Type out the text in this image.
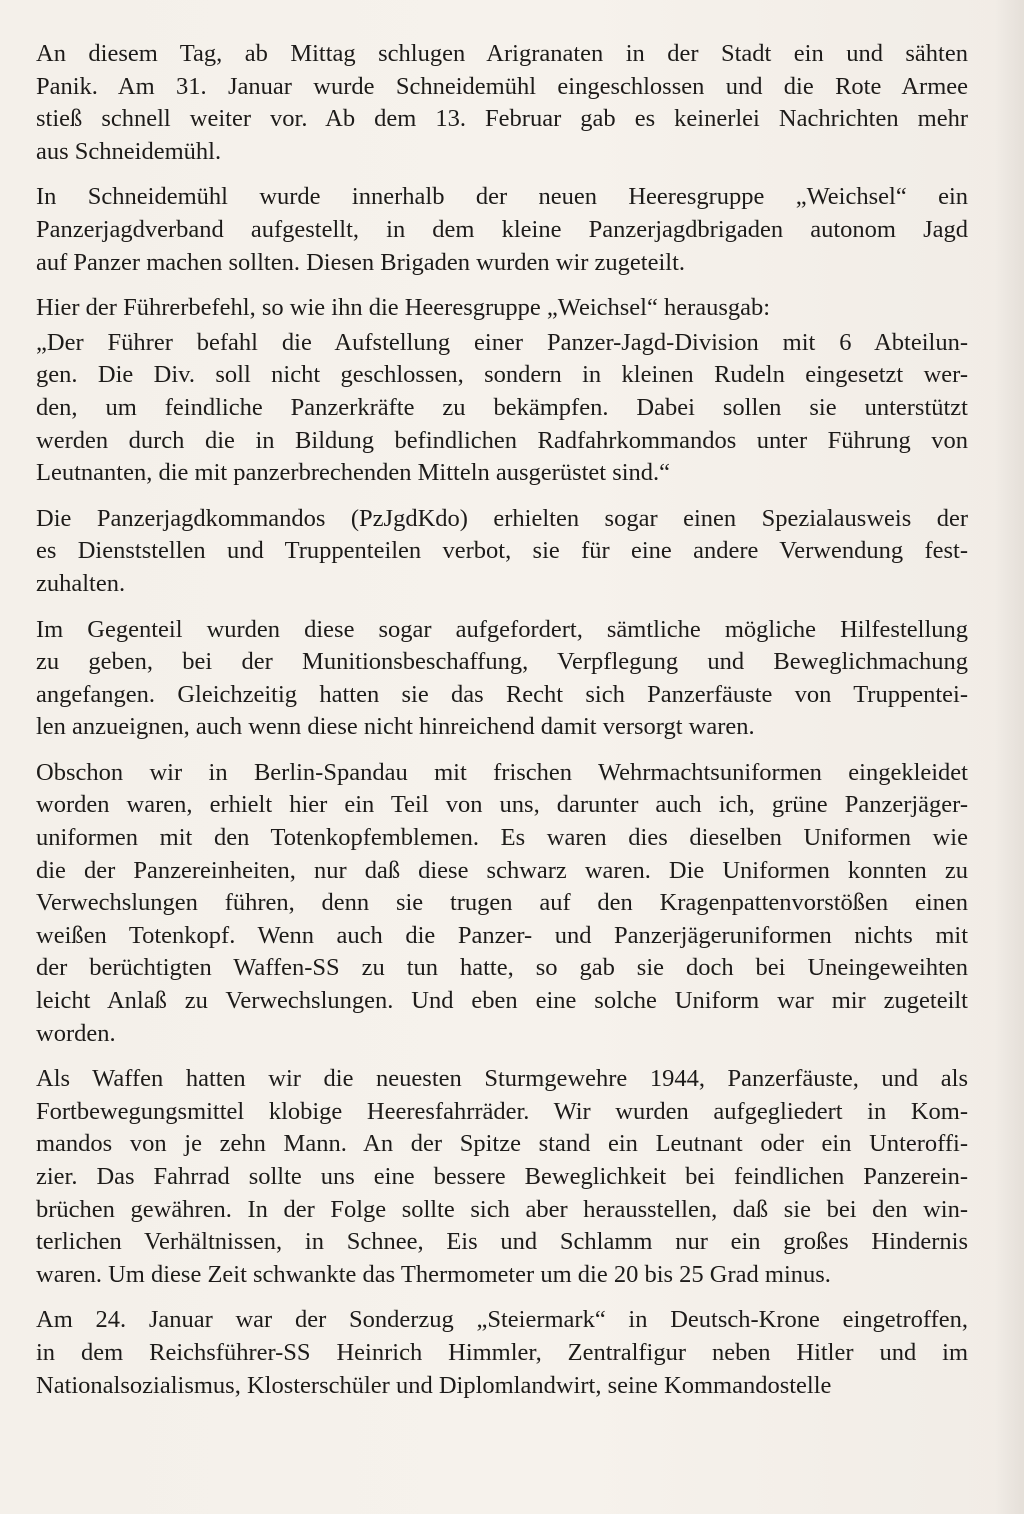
An diesem Tag, ab Mittag schlugen Arigranaten in der Stadt ein und sähten
Panik. Am 31. Januar wurde Schneidemühl eingeschlossen und die Rote Armee
stieß schnell weiter vor. Ab dem 13. Februar gab es keinerlei Nachrichten mehr
aus Schneidemühl.
In Schneidemühl wurde innerhalb der neuen Heeresgruppe „Weichsel“ ein
Panzerjagdverband aufgestellt, in dem kleine Panzerjagdbrigaden autonom Jagd
auf Panzer machen sollten. Diesen Brigaden wurden wir zugeteilt.
Hier der Führerbefehl, so wie ihn die Heeresgruppe „Weichsel“ herausgab:
„Der Führer befahl die Aufstellung einer Panzer-Jagd-Division mit 6 Abteilun-
gen. Die Div. soll nicht geschlossen, sondern in kleinen Rudeln eingesetzt wer-
den, um feindliche Panzerkräfte zu bekämpfen. Dabei sollen sie unterstützt
werden durch die in Bildung befindlichen Radfahrkommandos unter Führung von
Leutnanten, die mit panzerbrechenden Mitteln ausgerüstet sind.“
Die Panzerjagdkommandos (PzJgdKdo) erhielten sogar einen Spezialausweis der
es Dienststellen und Truppenteilen verbot, sie für eine andere Verwendung fest-
zuhalten.
Im Gegenteil wurden diese sogar aufgefordert, sämtliche mögliche Hilfestellung
zu geben, bei der Munitionsbeschaffung, Verpflegung und Beweglichmachung
angefangen. Gleichzeitig hatten sie das Recht sich Panzerfäuste von Truppentei-
len anzueignen, auch wenn diese nicht hinreichend damit versorgt waren.
Obschon wir in Berlin-Spandau mit frischen Wehrmachtsuniformen eingekleidet
worden waren, erhielt hier ein Teil von uns, darunter auch ich, grüne Panzerjäger-
uniformen mit den Totenkopfemblemen. Es waren dies dieselben Uniformen wie
die der Panzereinheiten, nur daß diese schwarz waren. Die Uniformen konnten zu
Verwechslungen führen, denn sie trugen auf den Kragenpattenvorstößen einen
weißen Totenkopf. Wenn auch die Panzer- und Panzerjägeruniformen nichts mit
der berüchtigten Waffen-SS zu tun hatte, so gab sie doch bei Uneingeweihten
leicht Anlaß zu Verwechslungen. Und eben eine solche Uniform war mir zugeteilt
worden.
Als Waffen hatten wir die neuesten Sturmgewehre 1944, Panzerfäuste, und als
Fortbewegungsmittel klobige Heeresfahrräder. Wir wurden aufgegliedert in Kom-
mandos von je zehn Mann. An der Spitze stand ein Leutnant oder ein Unteroffi-
zier. Das Fahrrad sollte uns eine bessere Beweglichkeit bei feindlichen Panzerein-
brüchen gewähren. In der Folge sollte sich aber herausstellen, daß sie bei den win-
terlichen Verhältnissen, in Schnee, Eis und Schlamm nur ein großes Hindernis
waren. Um diese Zeit schwankte das Thermometer um die 20 bis 25 Grad minus.
Am 24. Januar war der Sonderzug „Steiermark“ in Deutsch-Krone eingetroffen,
in dem Reichsführer-SS Heinrich Himmler, Zentralfigur neben Hitler und im
Nationalsozialismus, Klosterschüler und Diplomlandwirt, seine Kommandostelle
